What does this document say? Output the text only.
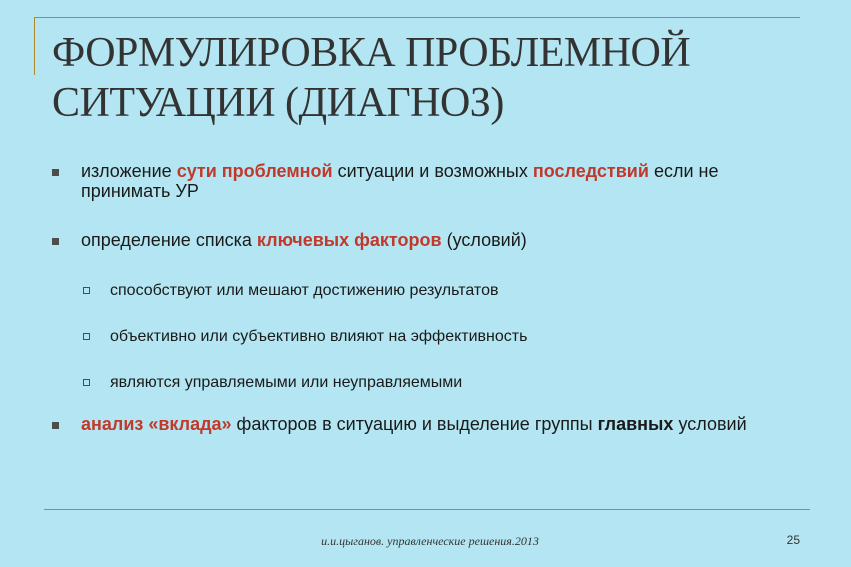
ФОРМУЛИРОВКА ПРОБЛЕМНОЙ
СИТУАЦИИ (ДИАГНОЗ)
изложение сути проблемной ситуации и возможных последствий если не принимать УР
определение списка ключевых факторов (условий)
способствуют или мешают достижению результатов
объективно или субъективно влияют на эффективность
являются управляемыми или неуправляемыми
анализ «вклада» факторов в ситуацию и выделение группы главных условий
и.и.цыганов. управленческие решения.2013	25
